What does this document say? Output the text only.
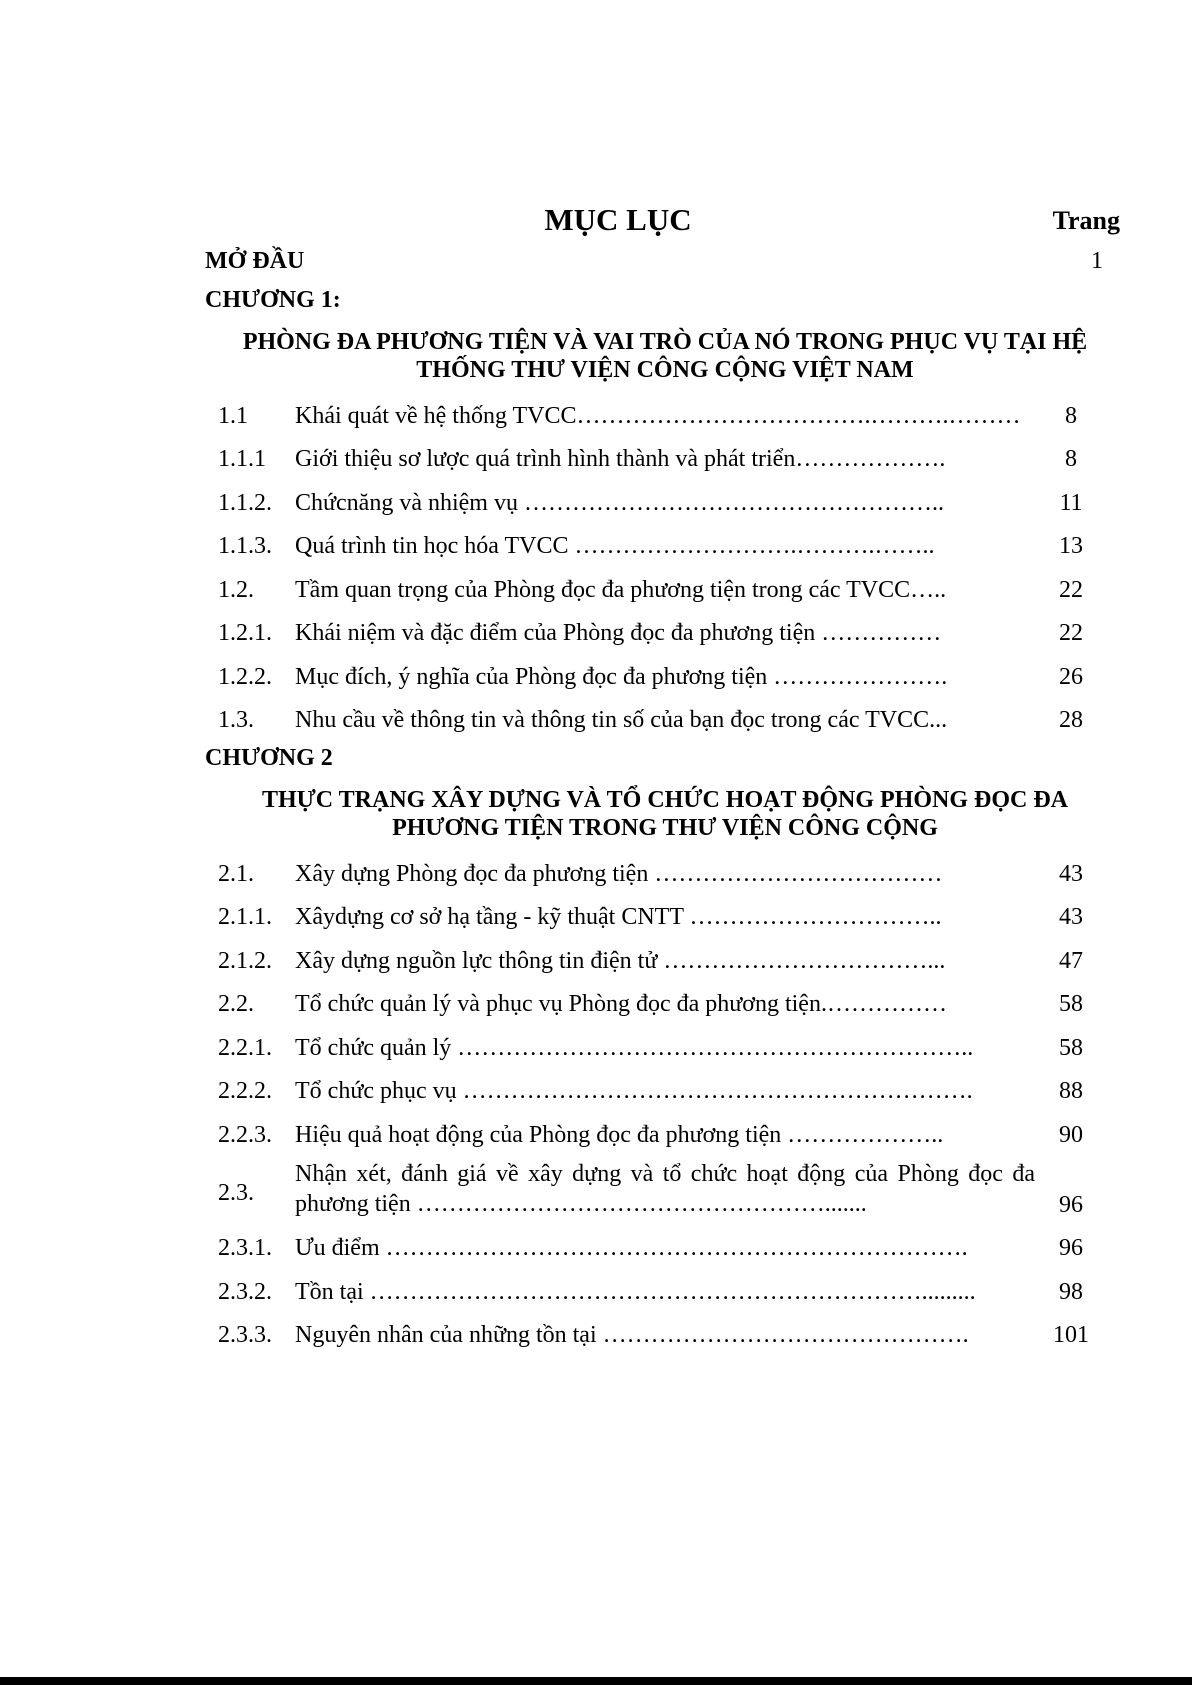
MỤC LỤC	Trang
MỞ ĐẦU	1
CHƯƠNG 1:
PHÒNG ĐA PHƯƠNG TIỆN VÀ VAI TRÒ CỦA NÓ TRONG PHỤC VỤ TẠI HỆ
THỐNG THƯ VIỆN CÔNG CỘNG VIỆT NAM
1.1	Khái quát về hệ thống TVCC……………………………….……….………	8
1.1.1	Giới thiệu sơ lược quá trình hình thành và phát triển……………….	8
1.1.2. Chứcnăng và nhiệm vụ ……………………………………………..	11
1.1.3. Quá trình tin học hóa TVCC ……………………….……….……..	13
1.2.	Tầm quan trọng của Phòng đọc đa phương tiện trong các TVCC…..	22
1.2.1. Khái niệm và đặc điểm của Phòng đọc đa phương tiện ……………	22
1.2.2. Mục đích, ý nghĩa của Phòng đọc đa phương tiện ………………….	26
1.3.	Nhu cầu về thông tin và thông tin số của bạn đọc trong các TVCC...	28
CHƯƠNG 2
THỰC TRẠNG XÂY DỰNG VÀ TỔ CHỨC HOẠT ĐỘNG PHÒNG ĐỌC ĐA
PHƯƠNG TIỆN TRONG THƯ VIỆN CÔNG CỘNG
2.1.	Xây dựng Phòng đọc đa phương tiện ………………………………	43
2.1.1. Xâydựng cơ sở hạ tầng - kỹ thuật CNTT …………………………..	43
2.1.2. Xây dựng nguồn lực thông tin điện tử ……………………………...	47
2.2.	Tổ chức quản lý và phục vụ Phòng đọc đa phương tiện.……………	58
2.2.1. Tổ chức quản lý ………………………………………………………..	58
2.2.2. Tổ chức phục vụ ……………………………………………………….	88
2.2.3. Hiệu quả hoạt động của Phòng đọc đa phương tiện ………………..	90
2.3.
Nhận xét, đánh giá về xây dựng và tổ chức hoạt động của Phòng đọc đa phương tiện …………………………………………….......	96
2.3.1. Ưu điểm ……………………………………………………………….	96
2.3.2. Tồn tại …………………………………………………………….........	98
2.3.3. Nguyên nhân của những tồn tại ……………………………………….	101
